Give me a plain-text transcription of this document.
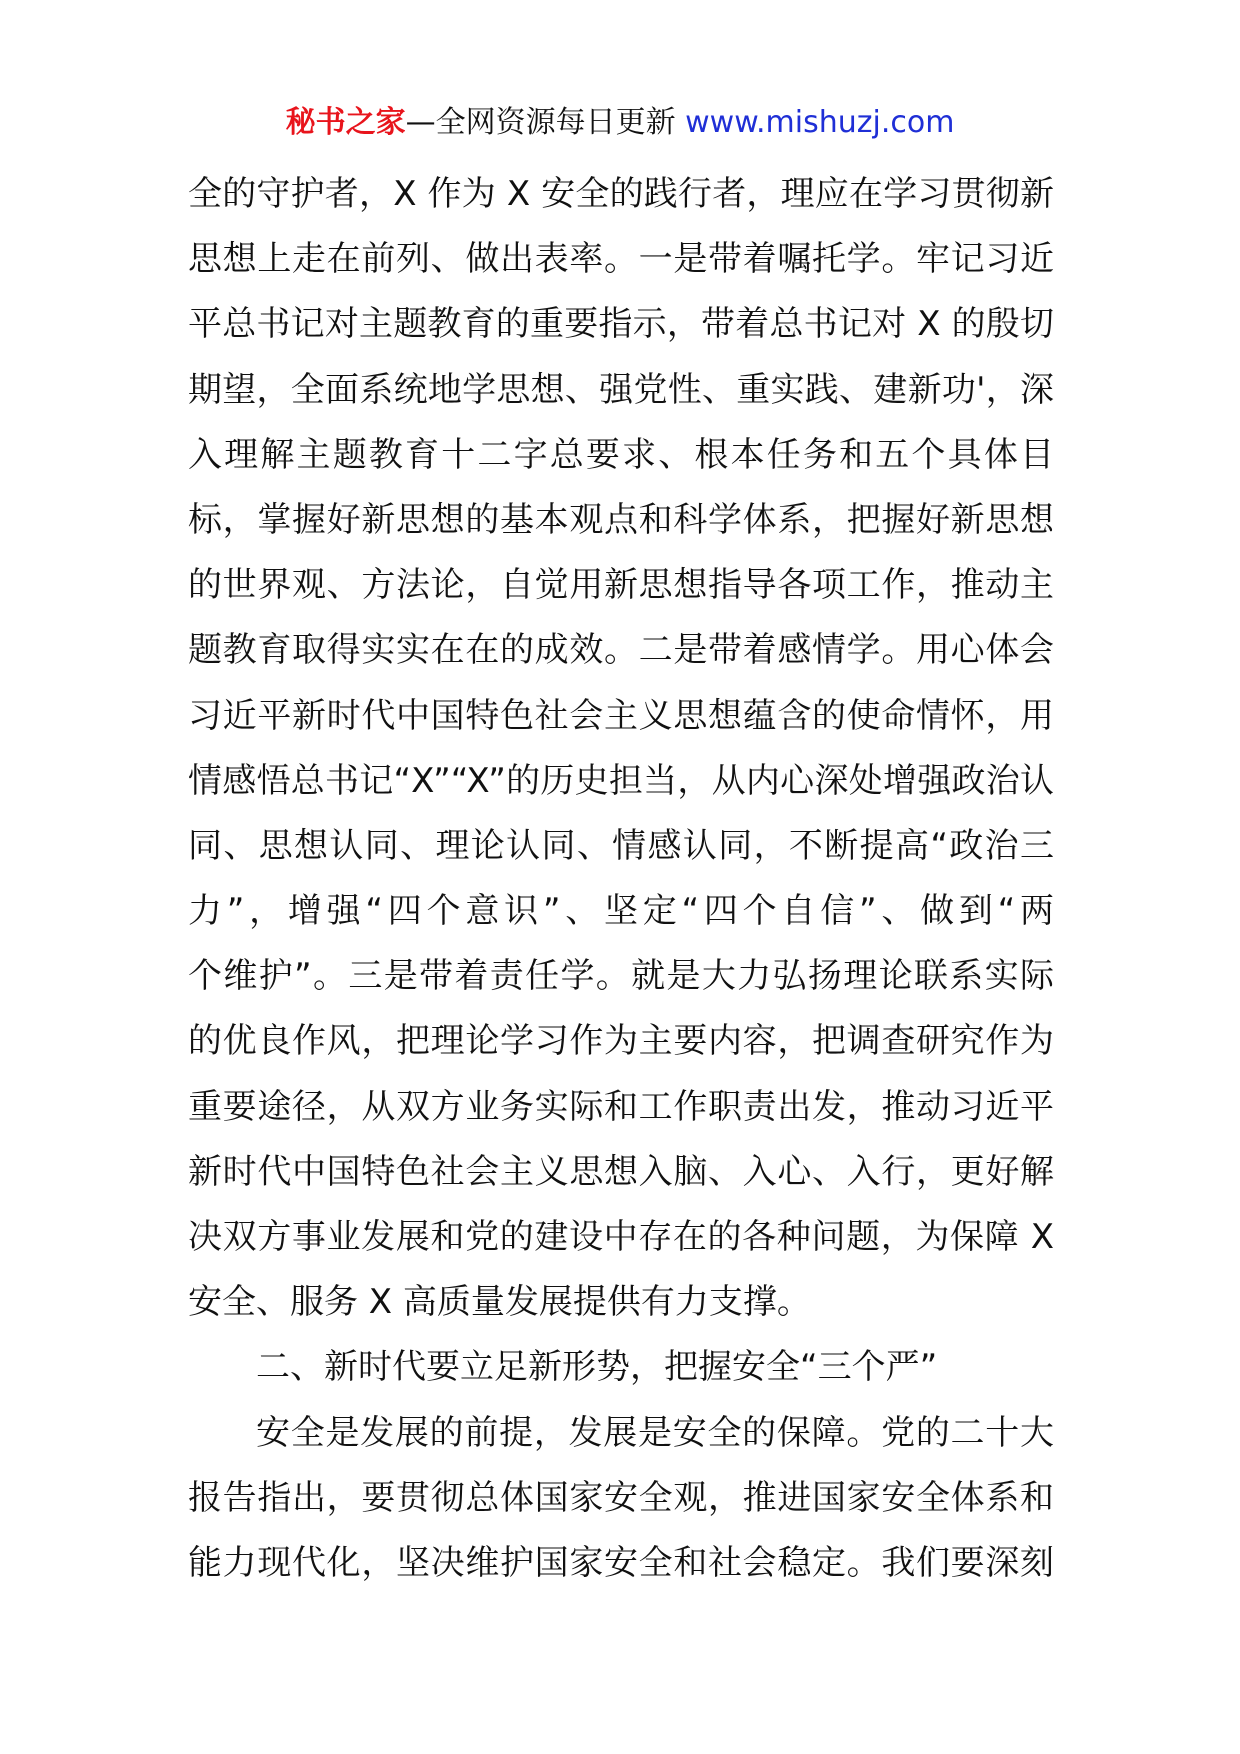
秘书之家—全网资源每日更新 www.mishuzj.com
全的守护者，X 作为 X 安全的践行者，理应在学习贯彻新
思想上走在前列、做出表率。一是带着嘱托学。牢记习近
平总书记对主题教育的重要指示，带着总书记对 X 的殷切
期望，全面系统地学思想、强党性、重实践、建新功'，深
入理解主题教育十二字总要求、根本任务和五个具体目
标，掌握好新思想的基本观点和科学体系，把握好新思想
的世界观、方法论，自觉用新思想指导各项工作，推动主
题教育取得实实在在的成效。二是带着感情学。用心体会
习近平新时代中国特色社会主义思想蕴含的使命情怀，用
情感悟总书记“X”“X”的历史担当，从内心深处增强政治认
同、思想认同、理论认同、情感认同，不断提高“政治三
力”，增强“四个意识”、坚定“四个自信”、做到“两
个维护”。三是带着责任学。就是大力弘扬理论联系实际
的优良作风，把理论学习作为主要内容，把调查研究作为
重要途径，从双方业务实际和工作职责出发，推动习近平
新时代中国特色社会主义思想入脑、入心、入行，更好解
决双方事业发展和党的建设中存在的各种问题，为保障 X
安全、服务 X 高质量发展提供有力支撑。
二、新时代要立足新形势，把握安全“三个严”
安全是发展的前提，发展是安全的保障。党的二十大
报告指出，要贯彻总体国家安全观，推进国家安全体系和
能力现代化，坚决维护国家安全和社会稳定。我们要深刻
